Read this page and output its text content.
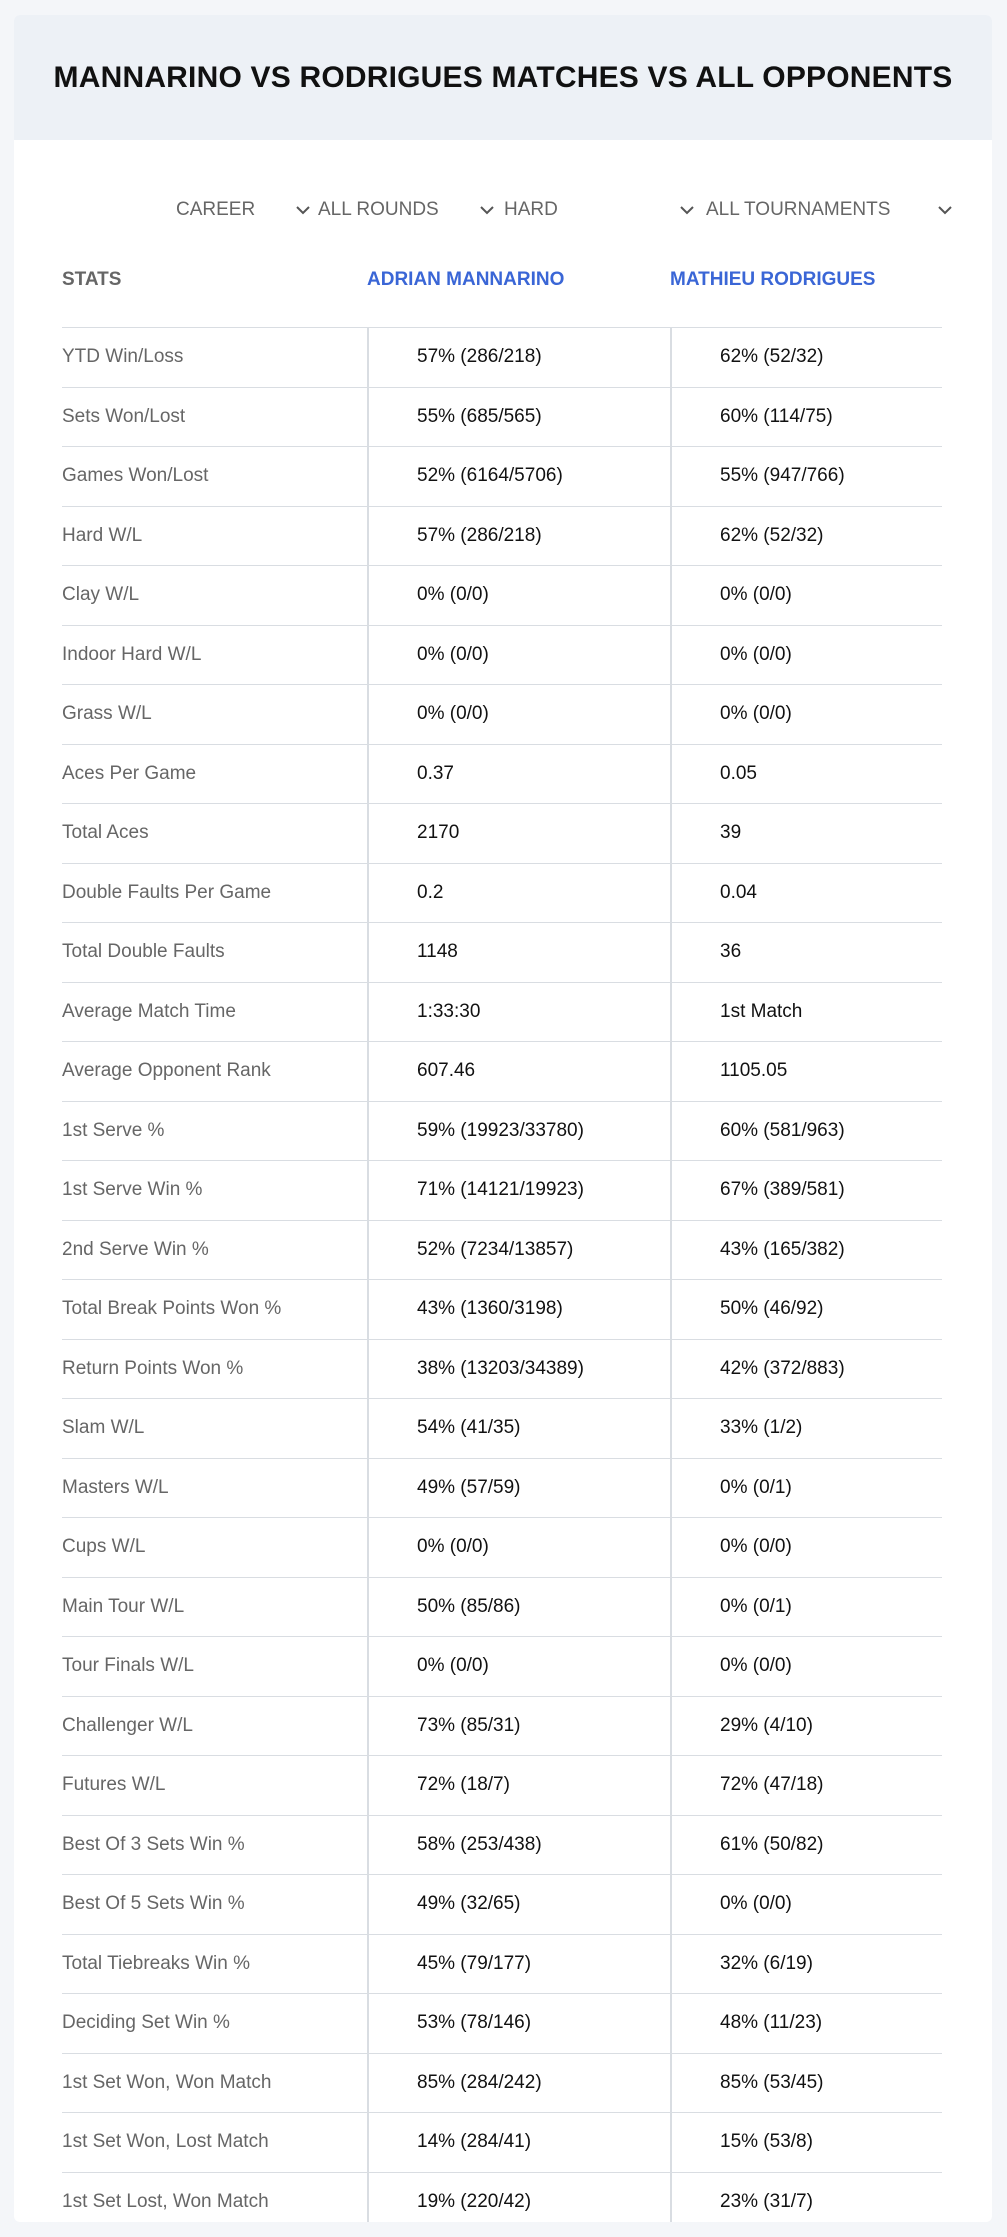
MANNARINO VS RODRIGUES MATCHES VS ALL OPPONENTS
CAREER	ALL ROUNDS	HARD	ALL TOURNAMENTS
STATS	ADRIAN MANNARINO	MATHIEU RODRIGUES
YTD Win/Loss	57% (286/218)	62% (52/32)
Sets Won/Lost	55% (685/565)	60% (114/75)
Games Won/Lost	52% (6164/5706)	55% (947/766)
Hard W/L	57% (286/218)	62% (52/32)
Clay W/L	0% (0/0)	0% (0/0)
Indoor Hard W/L	0% (0/0)	0% (0/0)
Grass W/L	0% (0/0)	0% (0/0)
Aces Per Game	0.37	0.05
Total Aces	2170	39
Double Faults Per Game	0.2	0.04
Total Double Faults	1148	36
Average Match Time	1:33:30	1st Match
Average Opponent Rank	607.46	1105.05
1st Serve %	59% (19923/33780)	60% (581/963)
1st Serve Win %	71% (14121/19923)	67% (389/581)
2nd Serve Win %	52% (7234/13857)	43% (165/382)
Total Break Points Won %	43% (1360/3198)	50% (46/92)
Return Points Won %	38% (13203/34389)	42% (372/883)
Slam W/L	54% (41/35)	33% (1/2)
Masters W/L	49% (57/59)	0% (0/1)
Cups W/L	0% (0/0)	0% (0/0)
Main Tour W/L	50% (85/86)	0% (0/1)
Tour Finals W/L	0% (0/0)	0% (0/0)
Challenger W/L	73% (85/31)	29% (4/10)
Futures W/L	72% (18/7)	72% (47/18)
Best Of 3 Sets Win %	58% (253/438)	61% (50/82)
Best Of 5 Sets Win %	49% (32/65)	0% (0/0)
Total Tiebreaks Win %	45% (79/177)	32% (6/19)
Deciding Set Win %	53% (78/146)	48% (11/23)
1st Set Won, Won Match	85% (284/242)	85% (53/45)
1st Set Won, Lost Match	14% (284/41)	15% (53/8)
1st Set Lost, Won Match	19% (220/42)	23% (31/7)
